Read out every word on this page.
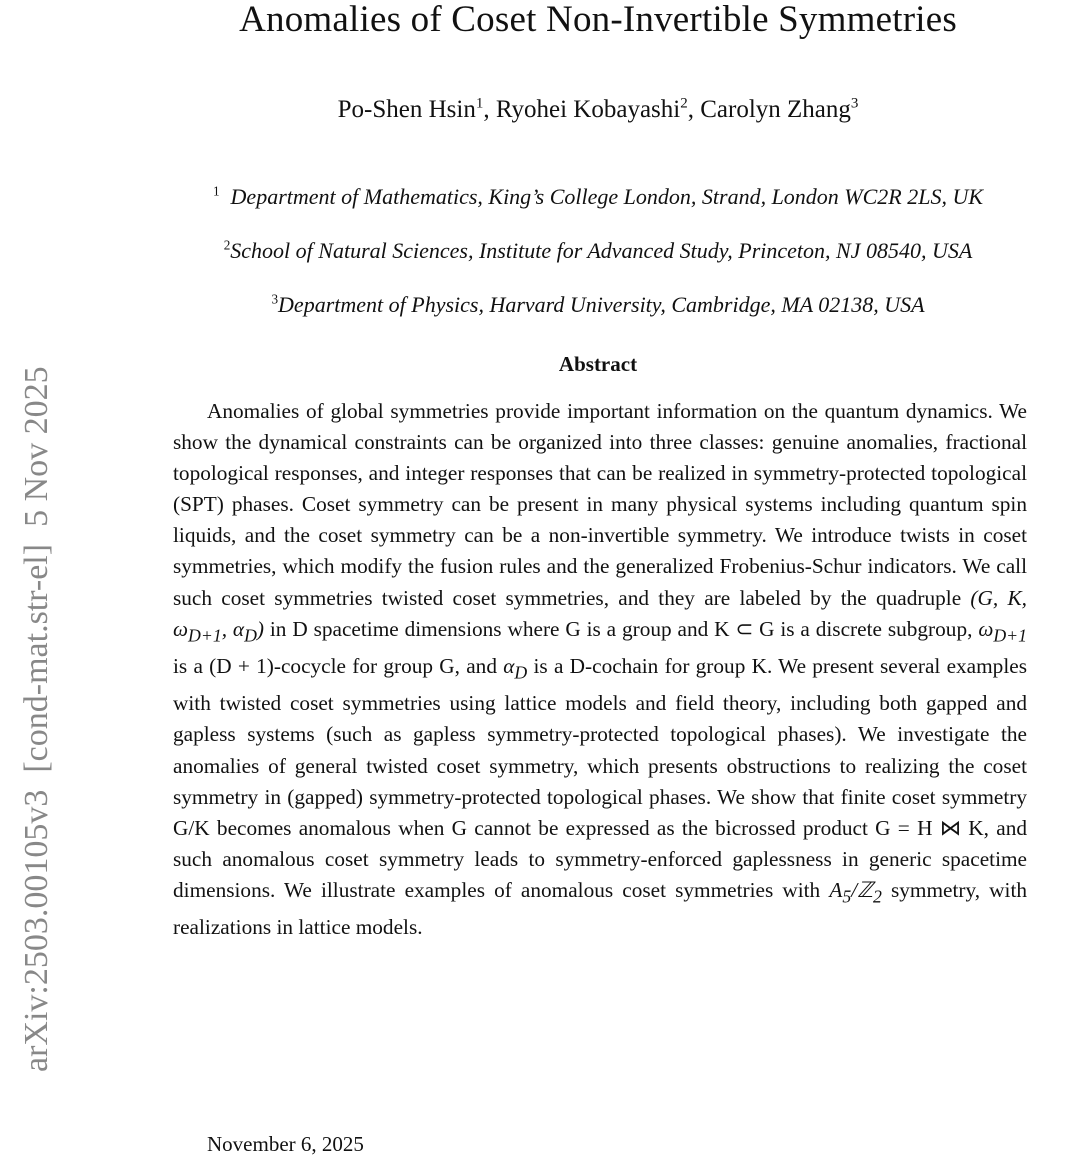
arXiv:2503.00105v3  [cond-mat.str-el]  5 Nov 2025
Anomalies of Coset Non-Invertible Symmetries
Po-Shen Hsin$^1$, Ryohei Kobayashi$^2$, Carolyn Zhang$^3$
$^1$ Department of Mathematics, King’s College London, Strand, London WC2R 2LS, UK
$^2$School of Natural Sciences, Institute for Advanced Study, Princeton, NJ 08540, USA
$^3$Department of Physics, Harvard University, Cambridge, MA 02138, USA
Abstract

Anomalies of global symmetries provide important information on the quantum dynamics. We show the dynamical constraints can be organized into three classes: genuine anomalies, fractional topological responses, and integer responses that can be realized in symmetry-protected topological (SPT) phases. Coset symmetry can be present in many physical systems including quantum spin liquids, and the coset symmetry can be a non-invertible symmetry. We introduce twists in coset symmetries, which modify the fusion rules and the generalized Frobenius-Schur indicators. We call such coset symmetries twisted coset symmetries, and they are labeled by the quadruple (G, K, $\omega_{D+1}$, $\alpha_D$) in D spacetime dimensions where G is a group and K ⊂ G is a discrete subgroup, $\omega_{D+1}$ is a (D + 1)-cocycle for group G, and $\alpha_D$ is a D-cochain for group K. We present several examples with twisted coset symmetries using lattice models and field theory, including both gapped and gapless systems (such as gapless symmetry-protected topological phases). We investigate the anomalies of general twisted coset symmetry, which presents obstructions to realizing the coset symmetry in (gapped) symmetry-protected topological phases. We show that finite coset symmetry G/K becomes anomalous when G cannot be expressed as the bicrossed product G = H ⋈ K, and such anomalous coset symmetry leads to symmetry-enforced gaplessness in generic spacetime dimensions. We illustrate examples of anomalous coset symmetries with $A_5/ℤ_2$ symmetry, with realizations in lattice models.

November 6, 2025
